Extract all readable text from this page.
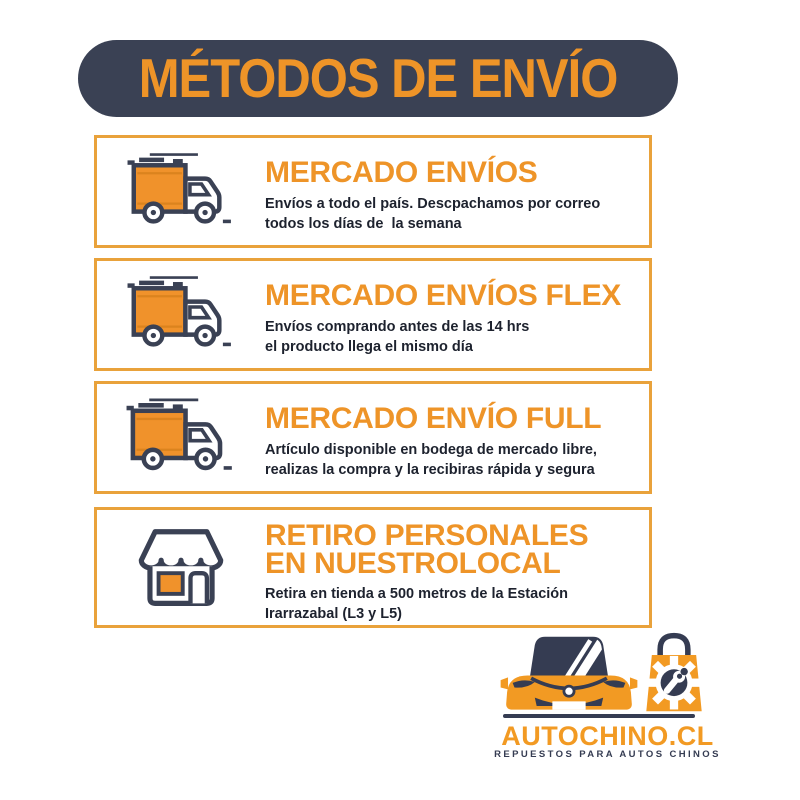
MÉTODOS DE ENVÍO
MERCADO ENVÍOS

Envíos a todo el país. Descpachamos por correo
todos los días de  la semana

MERCADO ENVÍOS FLEX

Envíos comprando antes de las 14 hrs
el producto llega el mismo día

MERCADO ENVÍO FULL

Artículo disponible en bodega de mercado libre,
realizas la compra y la recibiras rápida y segura

RETIRO PERSONALES
EN NUESTROLOCAL

Retira en tienda a 500 metros de la Estación
Irarrazabal (L3 y L5)

AUTOCHINO.CL
REPUESTOS PARA AUTOS CHINOS
